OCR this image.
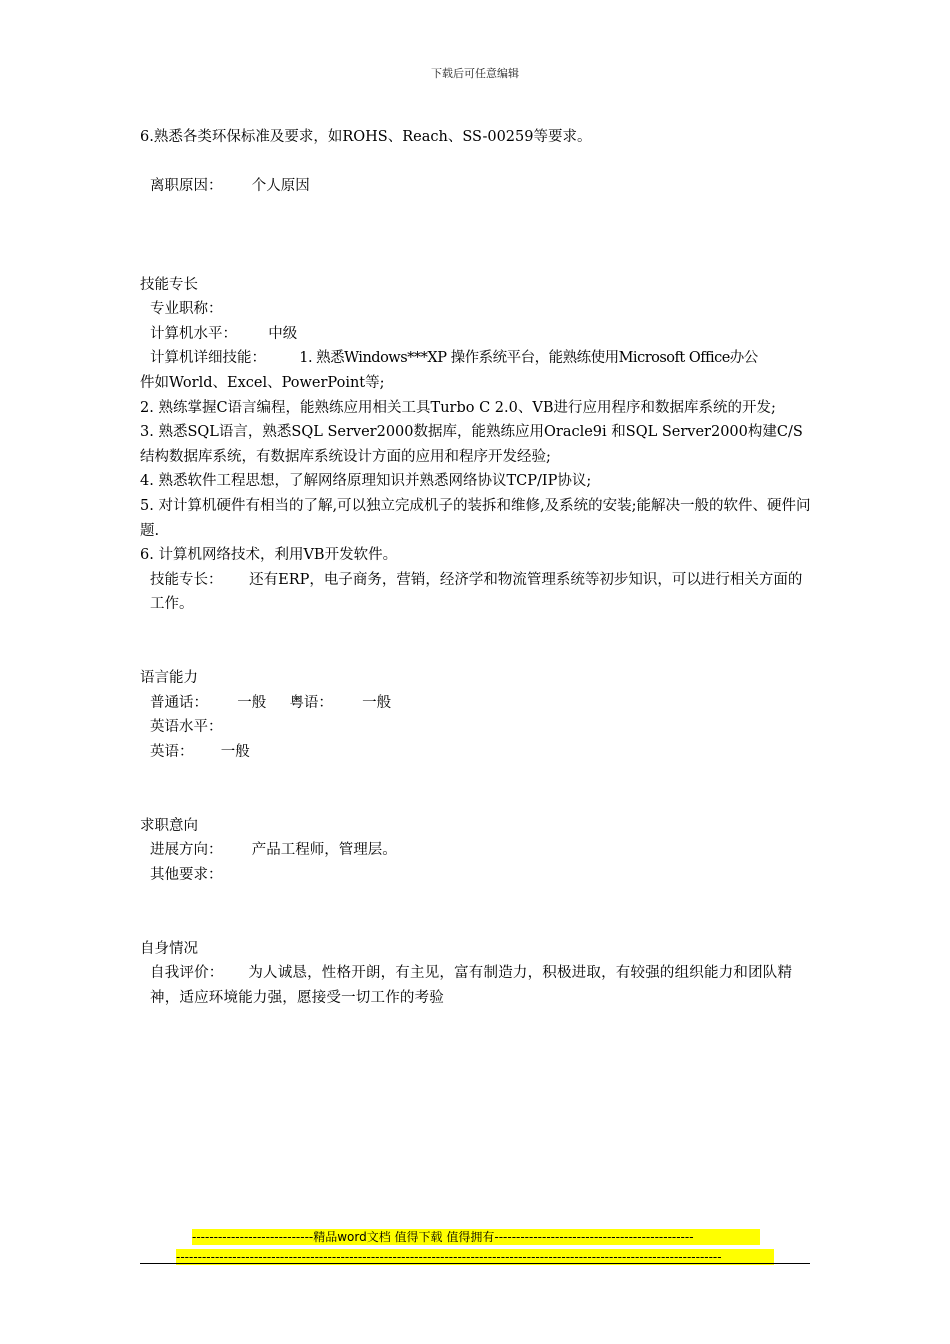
下载后可任意编辑
6.熟悉各类环保标准及要求，如ROHS、Reach、SS-00259等要求。
离职原因： 个人原因
技能专长
专业职称：
计算机水平： 中级
计算机详细技能： 1. 熟悉Windows***XP 操作系统平台，能熟练使用Microsoft Office办公
件如World、Excel、PowerPoint等;
2. 熟练掌握C语言编程，能熟练应用相关工具Turbo C 2.0、VB进行应用程序和数据库系统的开发;
3. 熟悉SQL语言，熟悉SQL Server2000数据库，能熟练应用Oracle9i 和SQL Server2000构建C/S结构数据库系统，有数据库系统设计方面的应用和程序开发经验;
4. 熟悉软件工程思想，了解网络原理知识并熟悉网络协议TCP/IP协议;
5. 对计算机硬件有相当的了解,可以独立完成机子的装拆和维修,及系统的安装;能解决一般的软件、硬件问题.
6. 计算机网络技术，利用VB开发软件。
技能专长： 还有ERP，电子商务，营销，经济学和物流管理系统等初步知识，可以进行相关方面的工作。
语言能力
普通话： 一般 粤语： 一般
英语水平：
英语： 一般
求职意向
进展方向： 产品工程师，管理层。
其他要求：
自身情况
自我评价： 为人诚恳，性格开朗，有主见，富有制造力，积极进取，有较强的组织能力和团队精神，适应环境能力强，愿接受一切工作的考验
----------------------------精品word文档 值得下载 值得拥有----------------------------------------------
------------------------------------------------------------------------------------------------------------------------------
